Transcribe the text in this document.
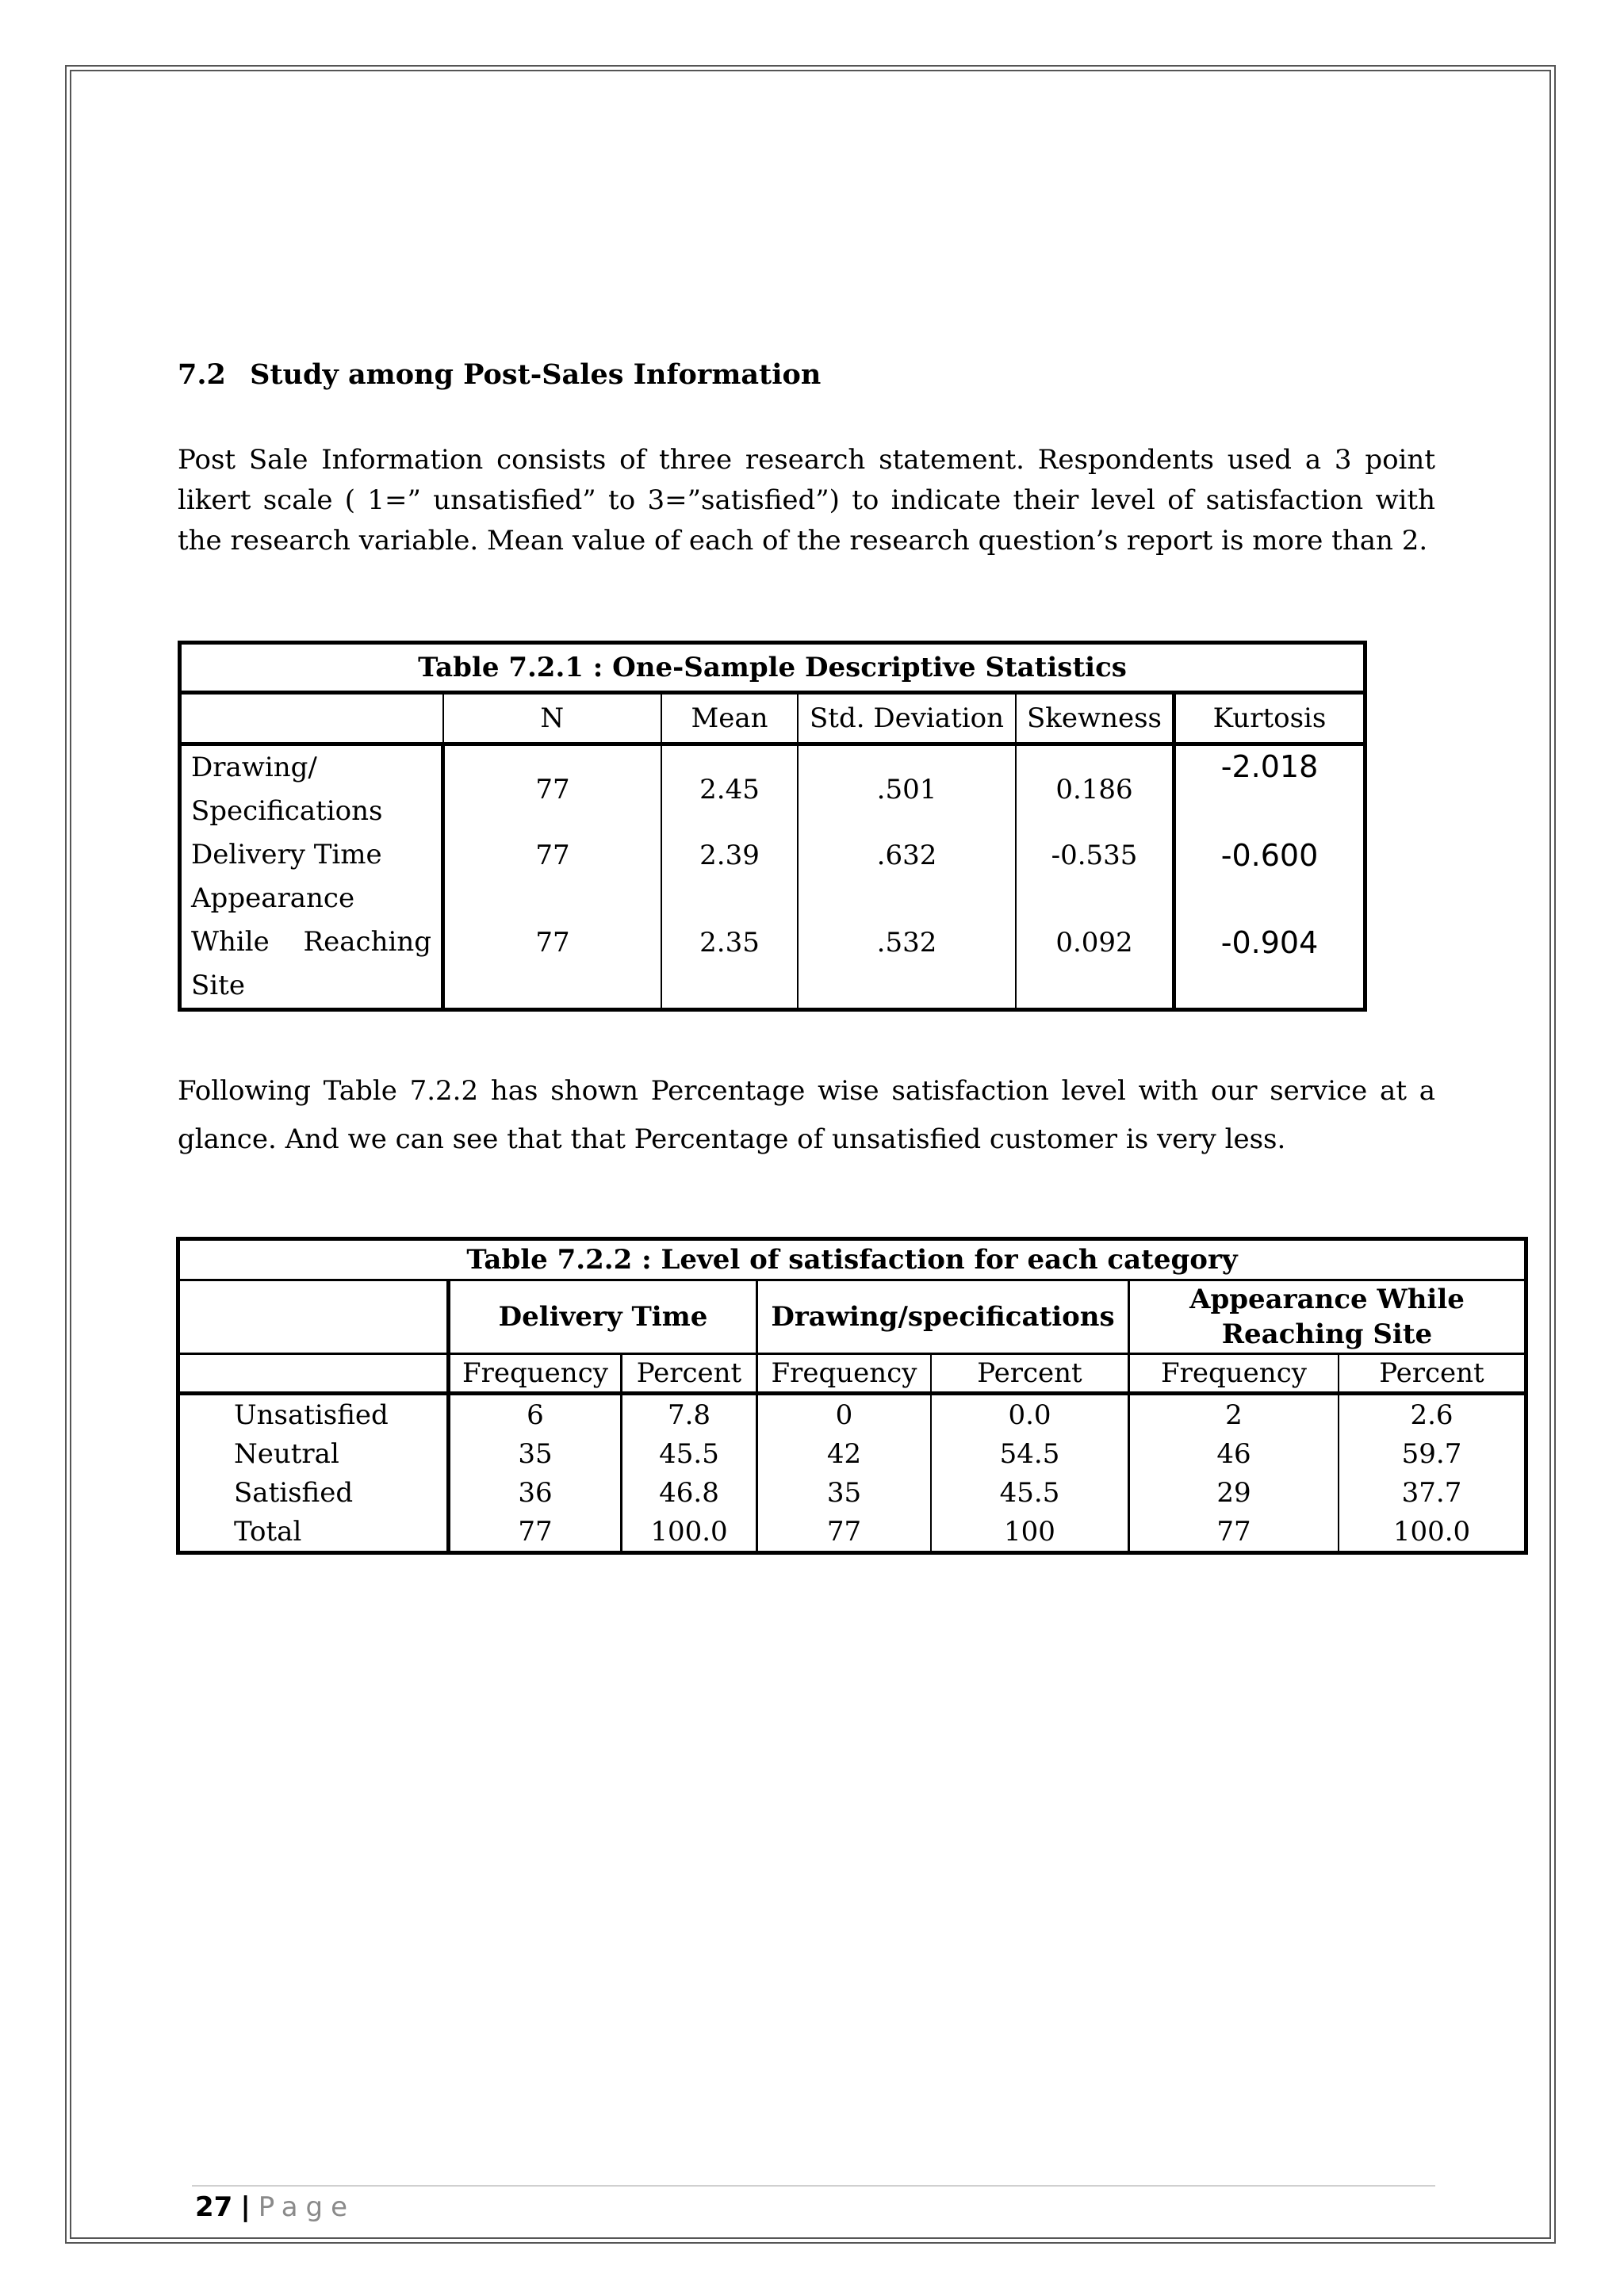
7.2 Study among Post-Sales Information
Post Sale Information consists of three research statement. Respondents used a 3 point likert scale ( 1=” unsatisfied” to 3=”satisfied”) to indicate their level of satisfaction with the research variable. Mean value of each of the research question’s report is more than 2.
Table 7.2.1 : One-Sample Descriptive Statistics					
	N	Mean	Std. Deviation	Skewness	Kurtosis

Drawing/
Specifications	77	2.45	.501	0.186	-2.018
Delivery Time	77	2.39	.632	-0.535	-0.600

Appearance
While Reaching
Site	77	2.35	.532	0.092	-0.904
Following Table 7.2.2 has shown Percentage wise satisfaction level with our service at a glance. And we can see that that Percentage of unsatisfied customer is very less.
Table 7.2.2 : Level of satisfaction for each category						
	Delivery Time		Drawing/specifications		Appearance While Reaching Site	
	Frequency	Percent	Frequency	Percent	Frequency	Percent
Unsatisfied	6	7.8	0	0.0	2	2.6
Neutral	35	45.5	42	54.5	46	59.7
Satisfied	36	46.8	35	45.5	29	37.7
Total	77	100.0	77	100	77	100.0
27 | Page
